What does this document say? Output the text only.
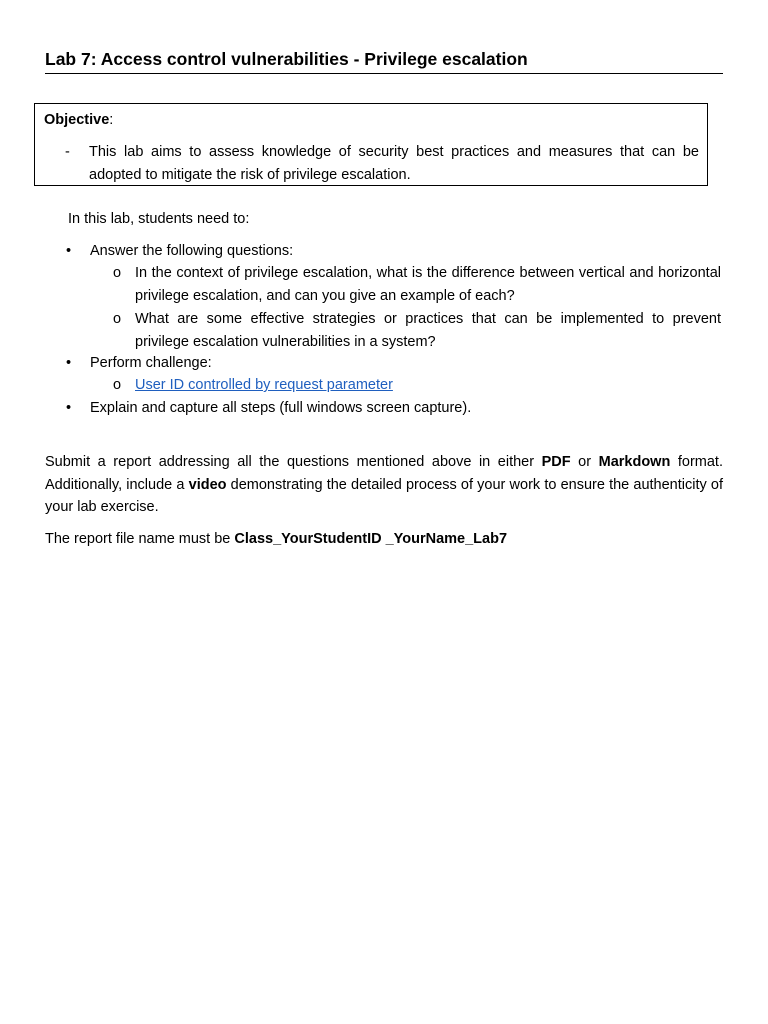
Lab 7: Access control vulnerabilities - Privilege escalation
Objective:
- This lab aims to assess knowledge of security best practices and measures that can be adopted to mitigate the risk of privilege escalation.
In this lab, students need to:
•	Answer the following questions:
o In the context of privilege escalation, what is the difference between vertical and horizontal privilege escalation, and can you give an example of each?
o What are some effective strategies or practices that can be implemented to prevent privilege escalation vulnerabilities in a system?
•	Perform challenge:
o User ID controlled by request parameter
•	Explain and capture all steps (full windows screen capture).
Submit a report addressing all the questions mentioned above in either PDF or Markdown format. Additionally, include a video demonstrating the detailed process of your work to ensure the authenticity of your lab exercise.
The report file name must be Class_YourStudentID _YourName_Lab7
